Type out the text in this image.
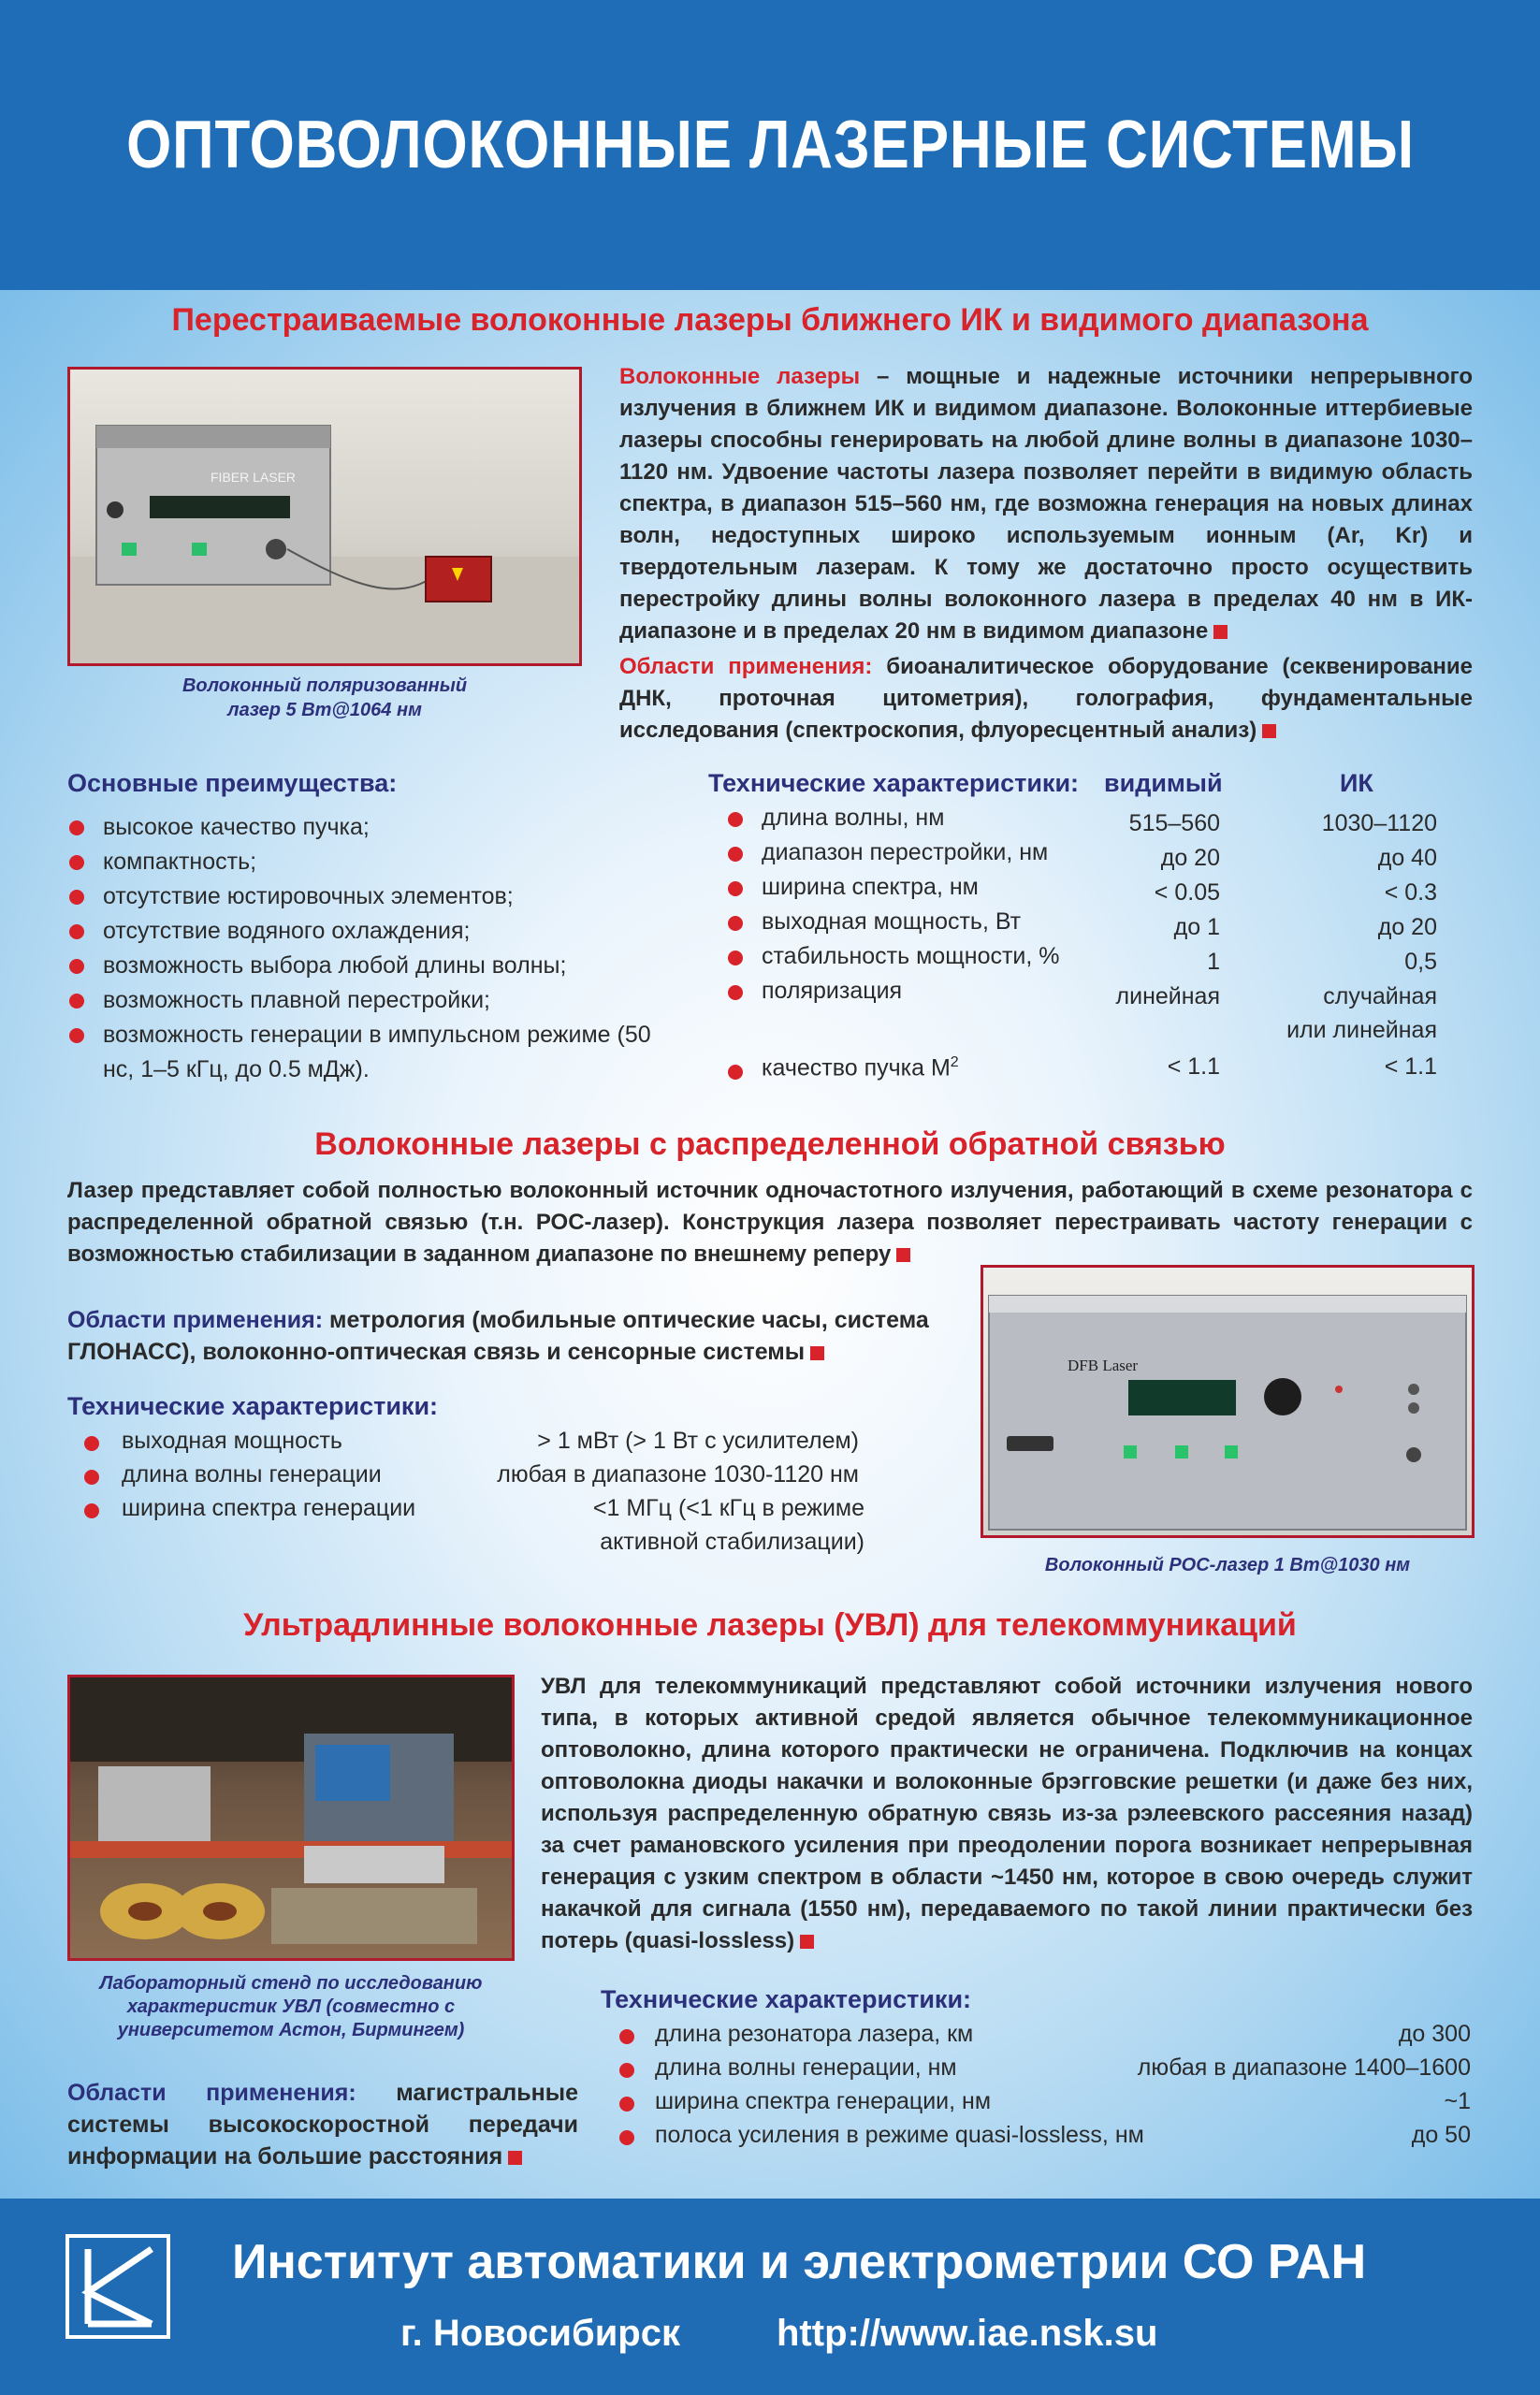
ОПТОВОЛОКОННЫЕ ЛАЗЕРНЫЕ СИСТЕМЫ
Перестраиваемые волоконные лазеры ближнего ИК и видимого диапазона
FIBER LASER
Волоконный поляризованный
лазер 5 Вт@1064 нм
Волоконные лазеры – мощные и надежные источники непрерывного излучения в ближнем ИК и видимом диапазоне. Волоконные иттербиевые лазеры способны генерировать на любой длине волны в диапазоне 1030–1120 нм. Удвоение частоты лазера позволяет перейти в видимую область спектра, в диапазон 515–560 нм, где возможна генерация на новых длинах волн, недоступных широко используемым ионным (Ar, Kr) и твердотельным лазерам. К тому же достаточно просто осуществить перестройку длины волны волоконного лазера в пределах 40 нм в ИК-диапазоне и в пределах 20 нм в видимом диапазоне
Области применения: биоаналитическое оборудование (секвенирование ДНК, проточная цитометрия), голография, фундаментальные исследования (спектроскопия, флуоресцентный анализ)
Основные преимущества:
высокое качество пучка;
компактность;
отсутствие юстировочных элементов;
отсутствие водяного охлаждения;
возможность выбора любой длины волны;
возможность плавной перестройки;
возможность генерации в импульсном режиме (50 нс, 1–5 кГц, до 0.5 мДж).
Технические характеристики: видимый	ИК
длина волны, нм	515–560	1030–1120
диапазон перестройки, нм	до 20	до 40
ширина спектра, нм	< 0.05	< 0.3
выходная мощность, Вт	до 1	до 20
стабильность мощности, %	1	0,5
поляризация	линейная	случайная
или линейная
качество пучка $M^2$	< 1.1	< 1.1
Волоконные лазеры с распределенной обратной связью
Лазер представляет собой полностью волоконный источник одночастотного излучения, работающий в схеме резонатора с распределенной обратной связью (т.н. РОС-лазер). Конструкция лазера позволяет перестраивать частоту генерации с возможностью стабилизации в заданном диапазоне по внешнему реперу
Области применения: метрология (мобильные оптические часы, система ГЛОНАСС), волоконно-оптическая связь и сенсорные системы
Технические характеристики:
выходная мощность	> 1 мВт (> 1 Вт с усилителем)
длина волны генерации	любая в диапазоне 1030-1120 нм
ширина спектра генерации	<1 МГц (<1 кГц в режиме
активной стабилизации)
DFB Laser
Волоконный РОС-лазер 1 Вт@1030 нм
Ультрадлинные волоконные лазеры (УВЛ) для телекоммуникаций
Лабораторный стенд по исследованию
характеристик УВЛ (совместно с
университетом Астон, Бирмингем)
УВЛ для телекоммуникаций представляют собой источники излучения нового типа, в которых активной средой является обычное телекоммуникационное оптоволокно, длина которого практически не ограничена. Подключив на концах оптоволокна диоды накачки и волоконные брэгговские решетки (и даже без них, используя распределенную обратную связь из-за рэлеевского рассеяния назад) за счет рамановского усиления при преодолении порога возникает непрерывная генерация с узким спектром в области ~1450 нм, которое в свою очередь служит накачкой для сигнала (1550 нм), передаваемого по такой линии практически без потерь (quasi-lossless)
Области применения: магистральные системы высокоскоростной передачи информации на большие расстояния
Технические характеристики:
длина резонатора лазера, км	до 300
длина волны генерации, нм	любая в диапазоне 1400–1600
ширина спектра генерации, нм	~1
полоса усиления в режиме quasi-lossless, нм	до 50
Институт автоматики и электрометрии СО РАН
г. Новосибирск	http://www.iae.nsk.su
